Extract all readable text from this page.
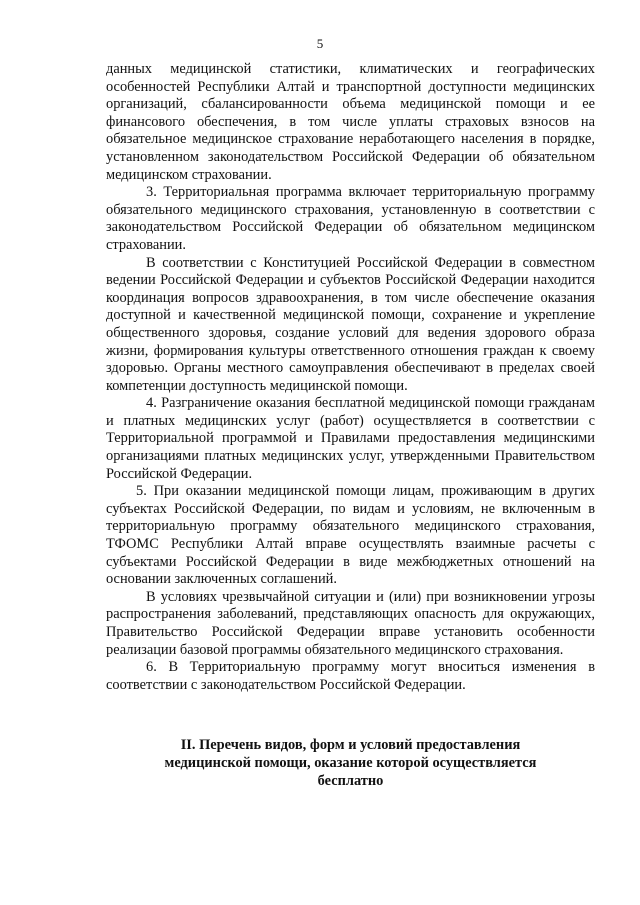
5

данных медицинской статистики, климатических и географических особенностей Республики Алтай и транспортной доступности медицинских организаций, сбалансированности объема медицинской помощи и ее финансового обеспечения, в том числе уплаты страховых взносов на обязательное медицинское страхование неработающего населения в порядке, установленном законодательством Российской Федерации об обязательном медицинском страховании.

3. Территориальная программа включает территориальную программу обязательного медицинского страхования, установленную в соответствии с законодательством Российской Федерации об обязательном медицинском страховании.

В соответствии с Конституцией Российской Федерации в совместном ведении Российской Федерации и субъектов Российской Федерации находится координация вопросов здравоохранения, в том числе обеспечение оказания доступной и качественной медицинской помощи, сохранение и укрепление общественного здоровья, создание условий для ведения здорового образа жизни, формирования культуры ответственного отношения граждан к своему здоровью. Органы местного самоуправления обеспечивают в пределах своей компетенции доступность медицинской помощи.

4. Разграничение оказания бесплатной медицинской помощи гражданам и платных медицинских услуг (работ) осуществляется в соответствии с Территориальной программой и Правилами предоставления медицинскими организациями платных медицинских услуг, утвержденными Правительством Российской Федерации.

5. При оказании медицинской помощи лицам, проживающим в других субъектах Российской Федерации, по видам и условиям, не включенным в территориальную программу обязательного медицинского страхования, ТФОМС Республики Алтай вправе осуществлять взаимные расчеты с субъектами Российской Федерации в виде межбюджетных отношений на основании заключенных соглашений.

В условиях чрезвычайной ситуации и (или) при возникновении угрозы распространения заболеваний, представляющих опасность для окружающих, Правительство Российской Федерации вправе установить особенности реализации базовой программы обязательного медицинского страхования.

6. В Территориальную программу могут вноситься изменения в соответствии с законодательством Российской Федерации.

II. Перечень видов, форм и условий предоставления
медицинской помощи, оказание которой осуществляется
бесплатно
